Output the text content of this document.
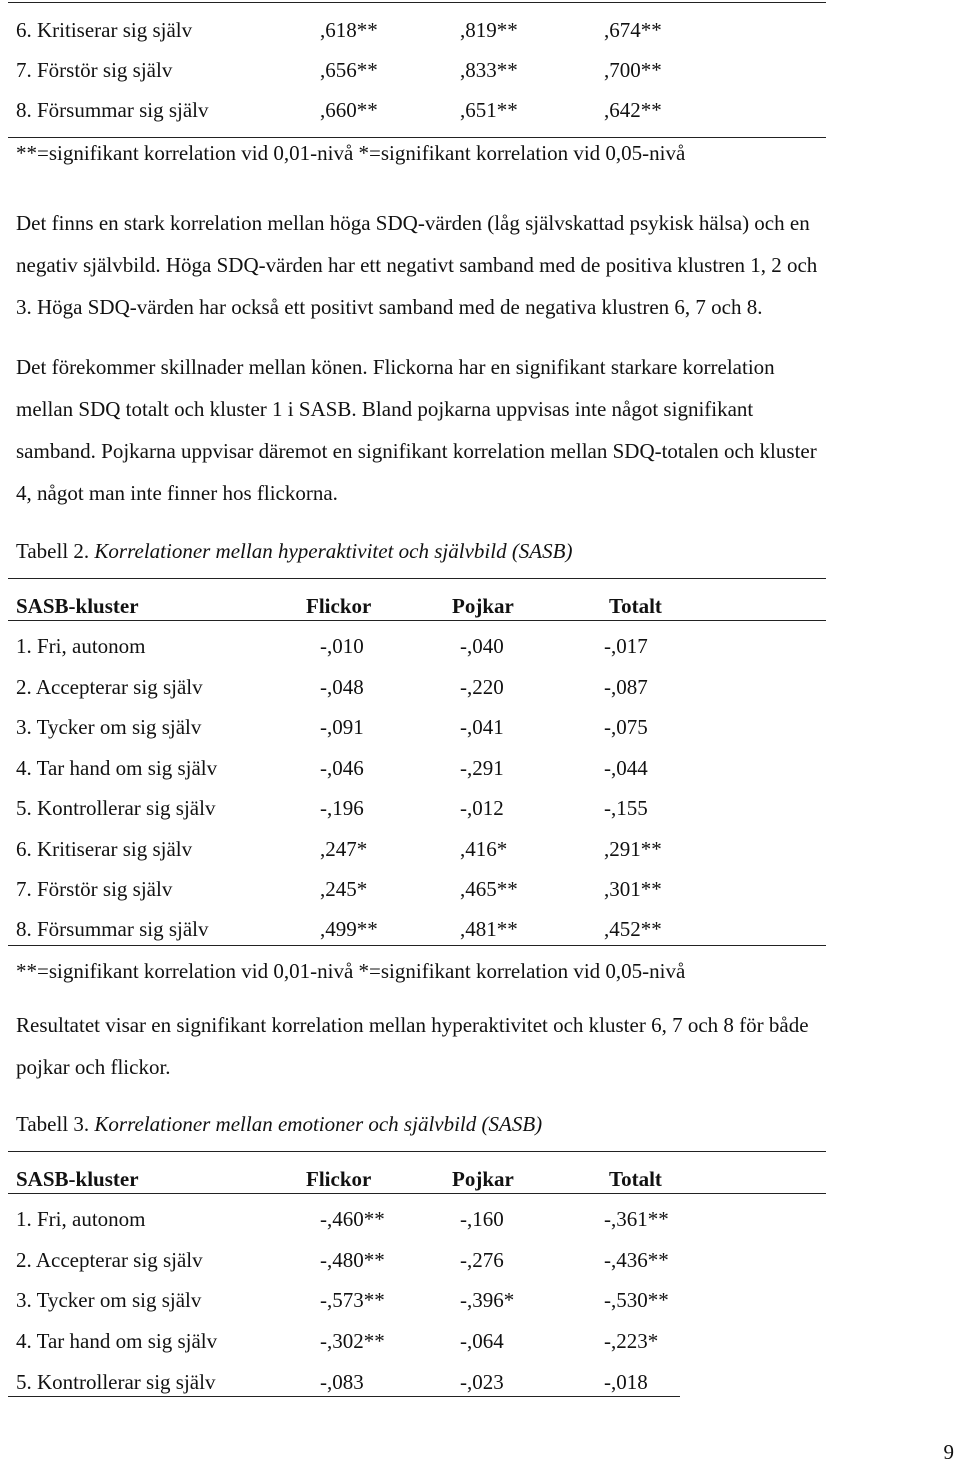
6. Kritiserar sig själv	,618**	,819**	,674**
7. Förstör sig själv	,656**	,833**	,700**
8. Försummar sig själv	,660**	,651**	,642**
**=signifikant korrelation vid 0,01-nivå *=signifikant korrelation vid 0,05-nivå
Det finns en stark korrelation mellan höga SDQ-värden (låg självskattad psykisk hälsa) och en
negativ självbild. Höga SDQ-värden har ett negativt samband med de positiva klustren 1, 2 och
3. Höga SDQ-värden har också ett positivt samband med de negativa klustren 6, 7 och 8.
Det förekommer skillnader mellan könen. Flickorna har en signifikant starkare korrelation
mellan SDQ totalt och kluster 1 i SASB. Bland pojkarna uppvisas inte något signifikant
samband. Pojkarna uppvisar däremot en signifikant korrelation mellan SDQ-totalen och kluster
4, något man inte finner hos flickorna.
Tabell 2. Korrelationer mellan hyperaktivitet och självbild (SASB)
SASB-kluster	Flickor	Pojkar	Totalt
1. Fri, autonom	-,010	-,040	-,017
2. Accepterar sig själv	-,048	-,220	-,087
3. Tycker om sig själv	-,091	-,041	-,075
4. Tar hand om sig själv	-,046	-,291	-,044
5. Kontrollerar sig själv	-,196	-,012	-,155
6. Kritiserar sig själv	,247*	,416*	,291**
7. Förstör sig själv	,245*	,465**	,301**
8. Försummar sig själv	,499**	,481**	,452**
**=signifikant korrelation vid 0,01-nivå *=signifikant korrelation vid 0,05-nivå
Resultatet visar en signifikant korrelation mellan hyperaktivitet och kluster 6, 7 och 8 för både
pojkar och flickor.
Tabell 3. Korrelationer mellan emotioner och självbild (SASB)
SASB-kluster	Flickor	Pojkar	Totalt
1. Fri, autonom	-,460**	-,160	-,361**
2. Accepterar sig själv	-,480**	-,276	-,436**
3. Tycker om sig själv	-,573**	-,396*	-,530**
4. Tar hand om sig själv	-,302**	-,064	-,223*
5. Kontrollerar sig själv	-,083	-,023	-,018
9
